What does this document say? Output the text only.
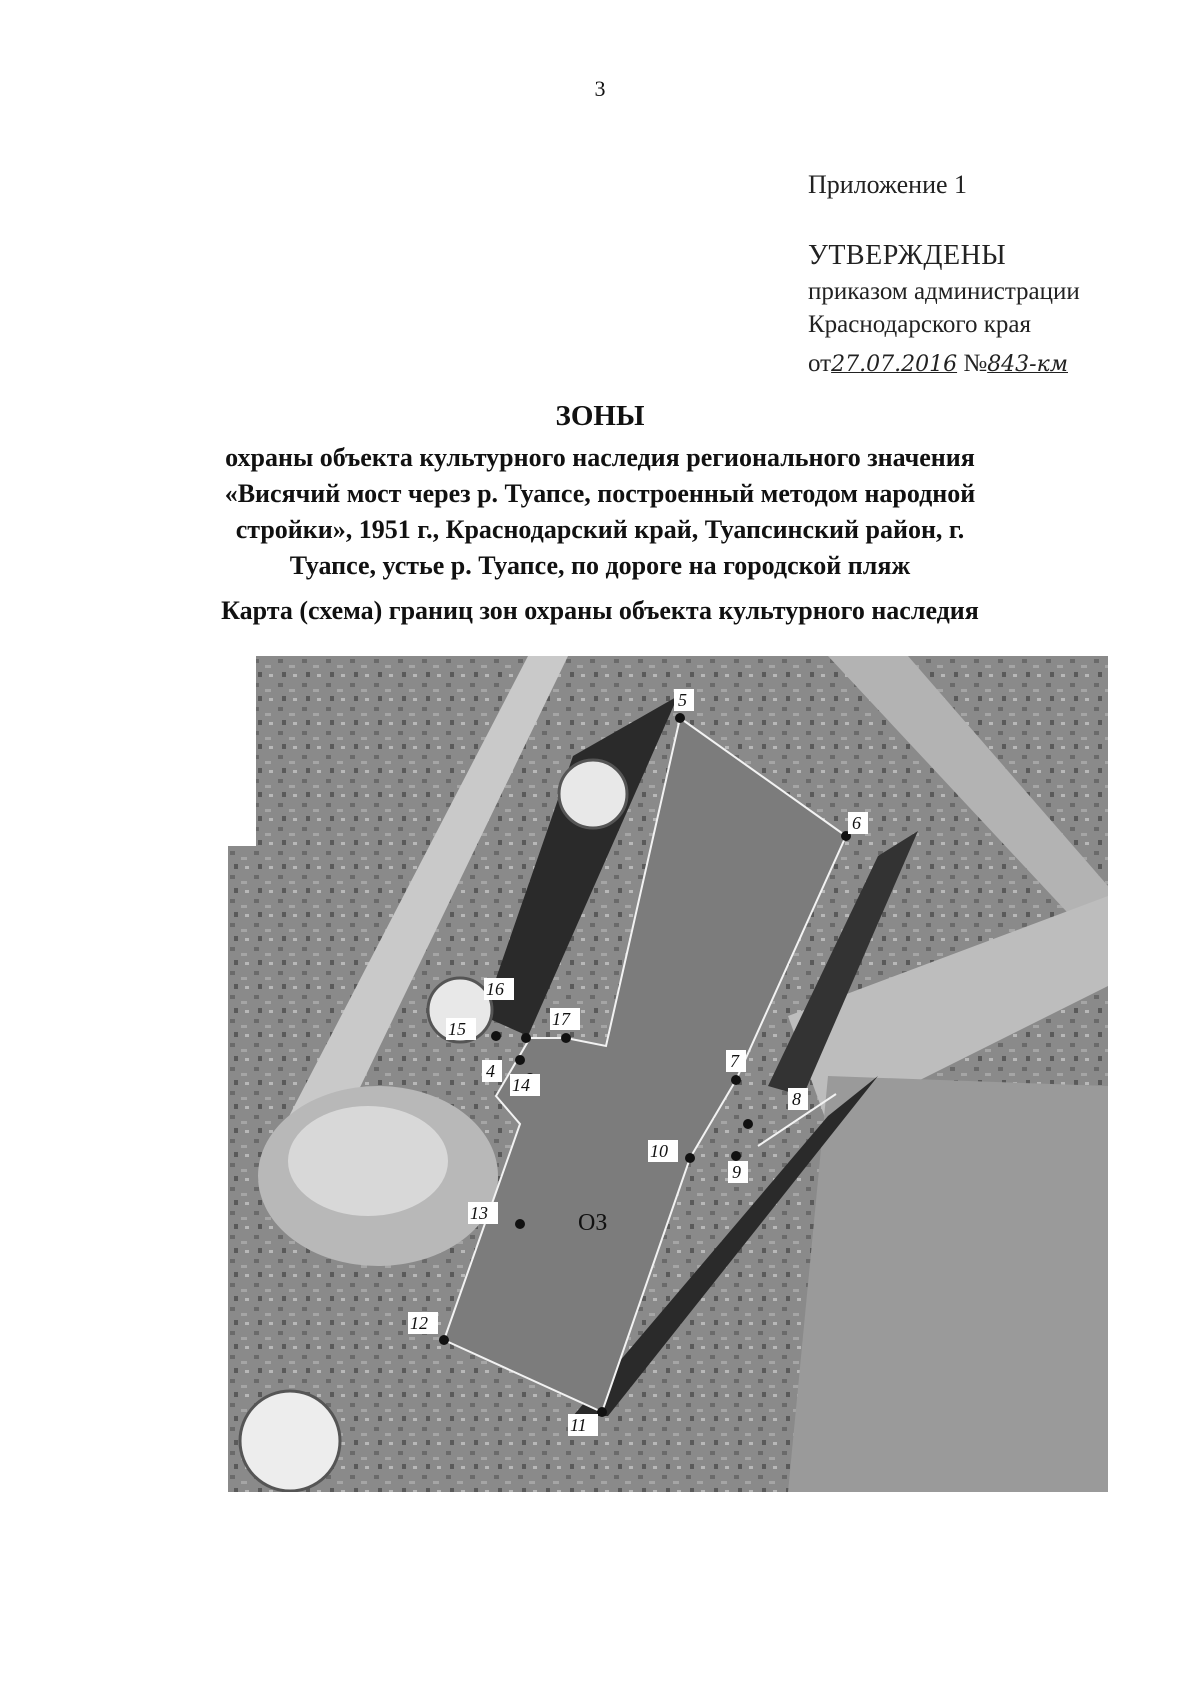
3
Приложение 1
УТВЕРЖДЕНЫ
приказом администрации
Краснодарского края
от27.07.2016 №843-км
ЗОНЫ
охраны объекта культурного наследия регионального значения «Висячий мост через р. Туапсе, построенный методом народной стройки», 1951 г., Краснодарский край, Туапсинский район, г. Туапсе, устье р. Туапсе, по дороге на городской пляж
Карта (схема) границ зон охраны объекта культурного наследия
5
6
7
8
9
10
11
12
13
14
4
15
16
17
ОЗ
